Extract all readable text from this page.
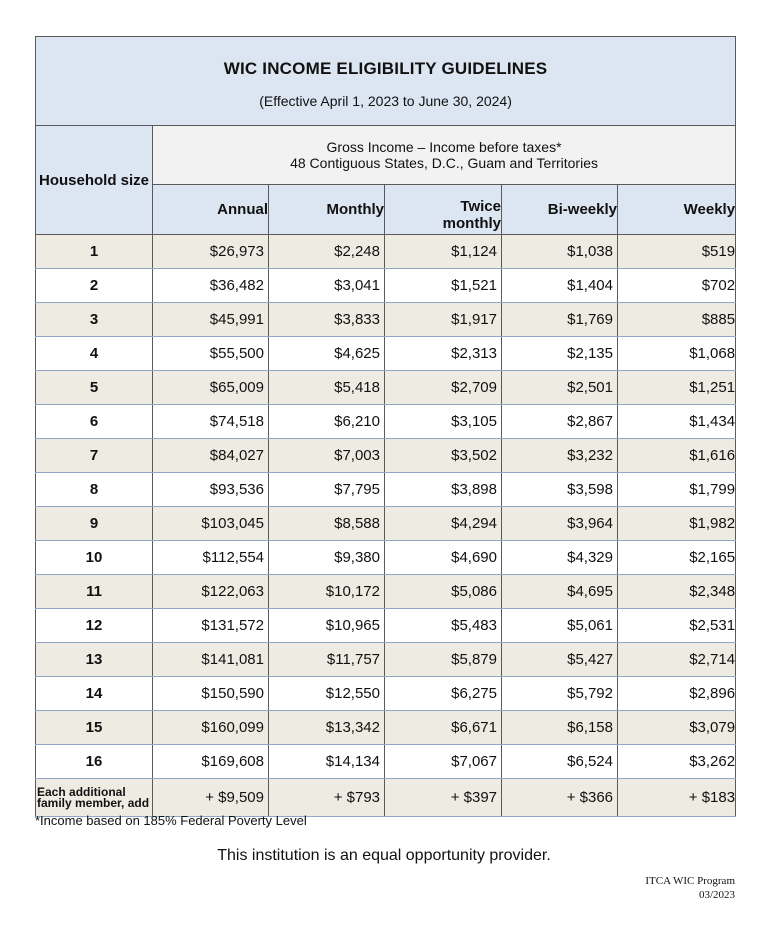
WIC INCOME ELIGIBILITY GUIDELINES
(Effective April 1, 2023 to June 30, 2024)					

Household size	Gross Income – Income before taxes*
48 Contiguous States, D.C., Guam and Territories				

	Annual	Monthly	Twice monthly	Bi-weekly	Weekly
1	$26,973	$2,248	$1,124	$1,038	$519
2	$36,482	$3,041	$1,521	$1,404	$702
3	$45,991	$3,833	$1,917	$1,769	$885
4	$55,500	$4,625	$2,313	$2,135	$1,068
5	$65,009	$5,418	$2,709	$2,501	$1,251
6	$74,518	$6,210	$3,105	$2,867	$1,434
7	$84,027	$7,003	$3,502	$3,232	$1,616
8	$93,536	$7,795	$3,898	$3,598	$1,799
9	$103,045	$8,588	$4,294	$3,964	$1,982
10	$112,554	$9,380	$4,690	$4,329	$2,165
11	$122,063	$10,172	$5,086	$4,695	$2,348
12	$131,572	$10,965	$5,483	$5,061	$2,531
13	$141,081	$11,757	$5,879	$5,427	$2,714
14	$150,590	$12,550	$6,275	$5,792	$2,896
15	$160,099	$13,342	$6,671	$6,158	$3,079
16	$169,608	$14,134	$7,067	$6,524	$3,262
Each additional family member, add	+ $9,509	+ $793	+ $397	+ $366	+ $183
*Income based on 185% Federal Poverty Level
This institution is an equal opportunity provider.
ITCA WIC Program
03/2023
